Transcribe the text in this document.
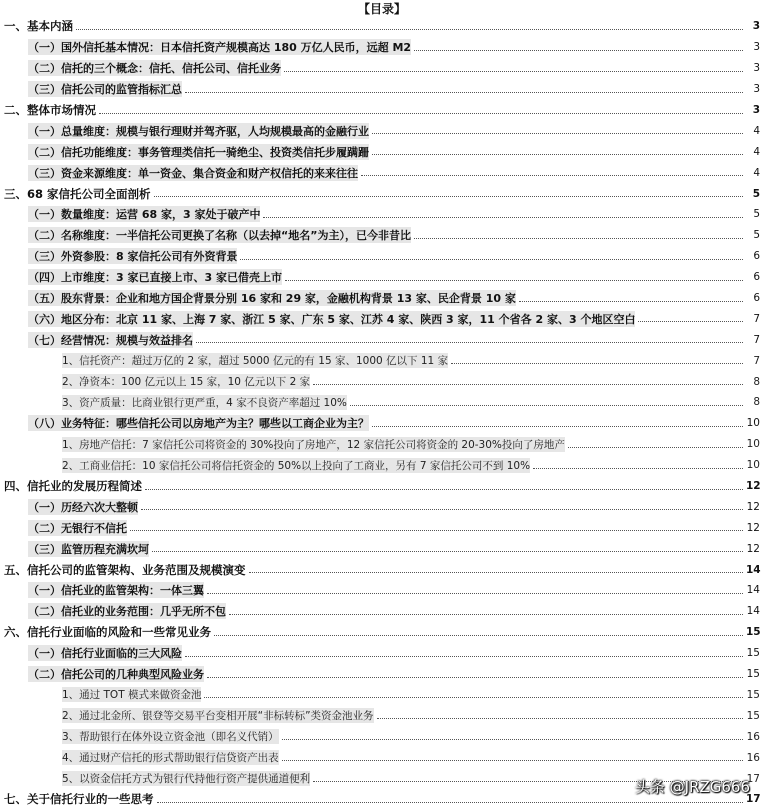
【目录】
一、基本内涵	3
（一）国外信托基本情况：日本信托资产规模高达 180 万亿人民币，远超 M2	3
（二）信托的三个概念：信托、信托公司、信托业务	3
（三）信托公司的监管指标汇总	3
二、整体市场情况	3
（一）总量维度：规模与银行理财并驾齐驱，人均规模最高的金融行业	4
（二）信托功能维度：事务管理类信托一骑绝尘、投资类信托步履蹒跚	4
（三）资金来源维度：单一资金、集合资金和财产权信托的来来往往	4
三、68 家信托公司全面剖析	5
（一）数量维度：运营 68 家，3 家处于破产中	5
（二）名称维度：一半信托公司更换了名称（以去掉“地名”为主），已今非昔比	5
（三）外资参股：8 家信托公司有外资背景	6
（四）上市维度：3 家已直接上市、3 家已借壳上市	6
（五）股东背景：企业和地方国企背景分别 16 家和 29 家，金融机构背景 13 家、民企背景 10 家	6
（六）地区分布：北京 11 家、上海 7 家、浙江 5 家、广东 5 家、江苏 4 家、陕西 3 家，11 个省各 2 家、3 个地区空白	7
（七）经营情况：规模与效益排名	7
1、信托资产：超过万亿的 2 家，超过 5000 亿元的有 15 家、1000 亿以下 11 家	7
2、净资本：100 亿元以上 15 家，10 亿元以下 2 家	8
3、资产质量：比商业银行更严重，4 家不良资产率超过 10%	8
（八）业务特征：哪些信托公司以房地产为主？哪些以工商企业为主？	10
1、房地产信托：7 家信托公司将资金的 30%投向了房地产，12 家信托公司将资金的 20-30%投向了房地产	10
2、工商业信托：10 家信托公司将信托资金的 50%以上投向了工商业，另有 7 家信托公司不到 10%	10
四、信托业的发展历程简述	12
（一）历经六次大整顿	12
（二）无银行不信托	12
（三）监管历程充满坎坷	12
五、信托公司的监管架构、业务范围及规模演变	14
（一）信托业的监管架构：一体三翼	14
（二）信托业的业务范围：几乎无所不包	14
六、信托行业面临的风险和一些常见业务	15
（一）信托行业面临的三大风险	15
（二）信托公司的几种典型风险业务	15
1、通过 TOT 模式来做资金池	15
2、通过北金所、银登等交易平台变相开展“非标转标”类资金池业务	15
3、帮助银行在体外设立资金池（即名义代销）	16
4、通过财产信托的形式帮助银行信贷资产出表	16
5、以资金信托方式为银行代持他行资产提供通道便利	17
七、关于信托行业的一些思考	17
头条 @JRZG666
